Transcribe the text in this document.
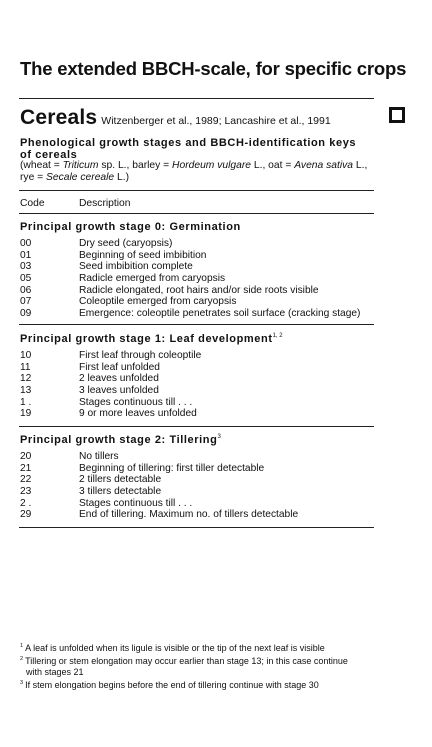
The extended BBCH-scale, for specific crops
Cereals Witzenberger et al., 1989; Lancashire et al., 1991
Phenological growth stages and BBCH-identification keys
of cereals
(wheat = Triticum sp. L., barley = Hordeum vulgare L., oat = Avena sativa L.,
rye = Secale cereale L.)
Code	Description
Principal growth stage 0: Germination
00	Dry seed (caryopsis)
01	Beginning of seed imbibition
03	Seed imbibition complete
05	Radicle emerged from caryopsis
06	Radicle elongated, root hairs and/or side roots visible
07	Coleoptile emerged from caryopsis
09	Emergence: coleoptile penetrates soil surface (cracking stage)
Principal growth stage 1: Leaf development$^{1, 2}$
10	First leaf through coleoptile
11	First leaf unfolded
12	2 leaves unfolded
13	3 leaves unfolded
1 .	Stages continuous till . . .
19	9 or more leaves unfolded
Principal growth stage 2: Tillering$^3$
20	No tillers
21	Beginning of tillering: first tiller detectable
22	2 tillers detectable
23	3 tillers detectable
2 .	Stages continuous till . . .
29	End of tillering. Maximum no. of tillers detectable
$^1$ A leaf is unfolded when its ligule is visible or the tip of the next leaf is visible
$^2$ Tillering or stem elongation may occur earlier than stage 13; in this case continue
with stages 21
$^3$ If stem elongation begins before the end of tillering continue with stage 30
